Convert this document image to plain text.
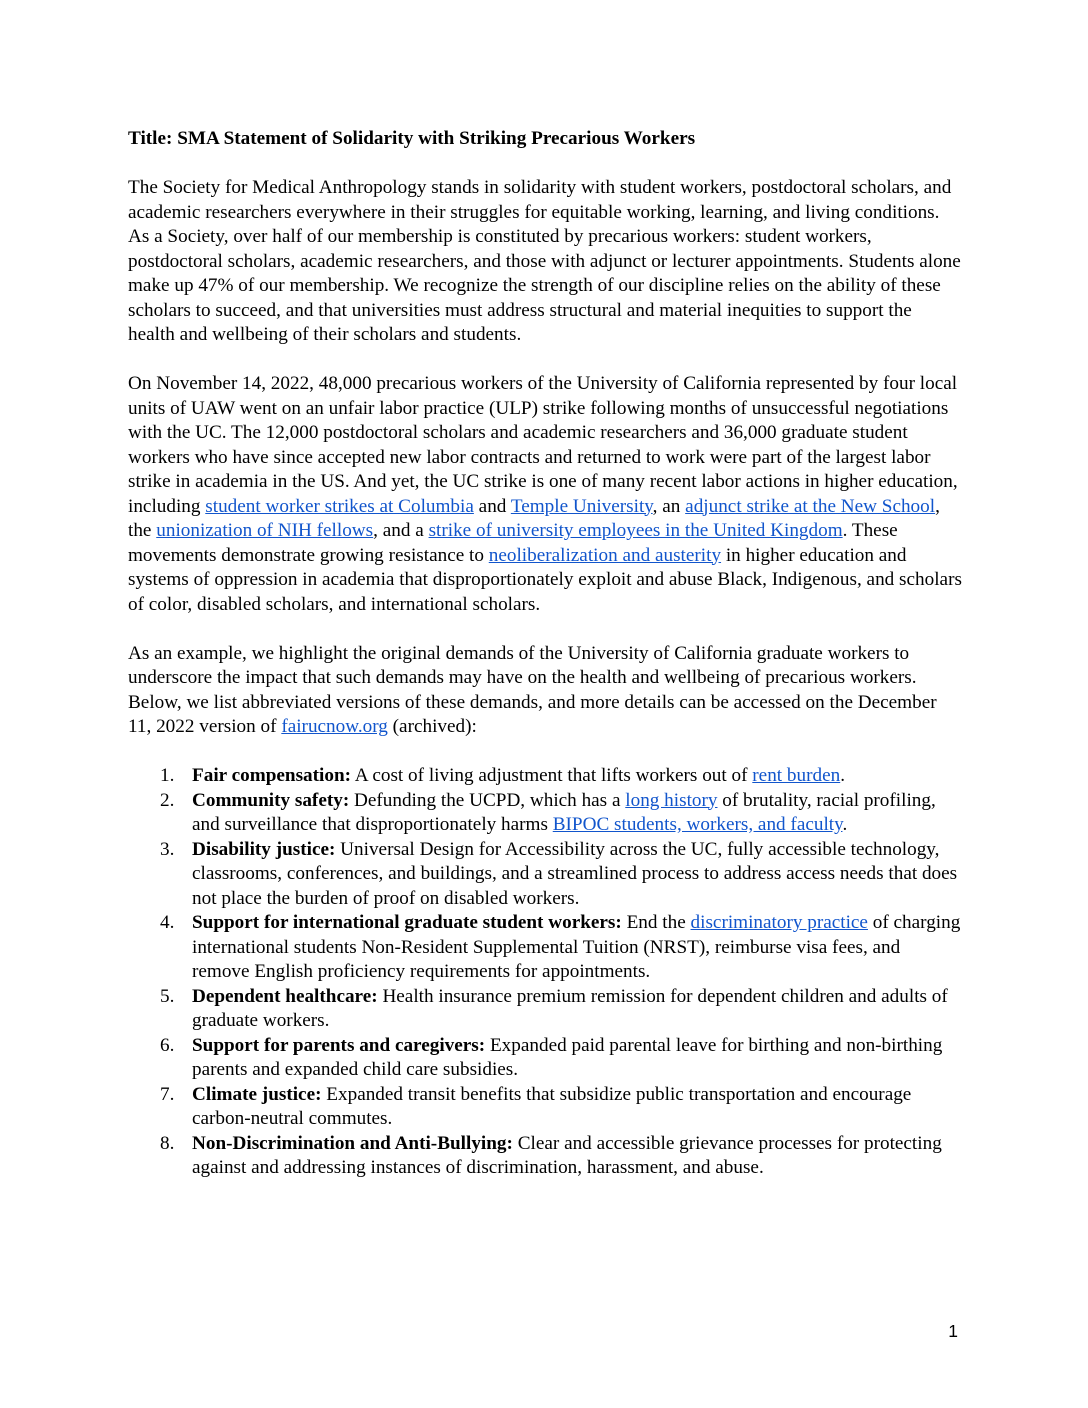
Title: SMA Statement of Solidarity with Striking Precarious Workers

The Society for Medical Anthropology stands in solidarity with student workers, postdoctoral scholars, and academic researchers everywhere in their struggles for equitable working, learning, and living conditions. As a Society, over half of our membership is constituted by precarious workers: student workers, postdoctoral scholars, academic researchers, and those with adjunct or lecturer appointments. Students alone make up 47% of our membership. We recognize the strength of our discipline relies on the ability of these scholars to succeed, and that universities must address structural and material inequities to support the health and wellbeing of their scholars and students.

On November 14, 2022, 48,000 precarious workers of the University of California represented by four local units of UAW went on an unfair labor practice (ULP) strike following months of unsuccessful negotiations with the UC. The 12,000 postdoctoral scholars and academic researchers and 36,000 graduate student workers who have since accepted new labor contracts and returned to work were part of the largest labor strike in academia in the US. And yet, the UC strike is one of many recent labor actions in higher education, including student worker strikes at Columbia and Temple University, an adjunct strike at the New School, the unionization of NIH fellows, and a strike of university employees in the United Kingdom. These movements demonstrate growing resistance to neoliberalization and austerity in higher education and systems of oppression in academia that disproportionately exploit and abuse Black, Indigenous, and scholars of color, disabled scholars, and international scholars.

As an example, we highlight the original demands of the University of California graduate workers to underscore the impact that such demands may have on the health and wellbeing of precarious workers. Below, we list abbreviated versions of these demands, and more details can be accessed on the December 11, 2022 version of fairucnow.org (archived):

1. Fair compensation: A cost of living adjustment that lifts workers out of rent burden.
2. Community safety: Defunding the UCPD, which has a long history of brutality, racial profiling, and surveillance that disproportionately harms BIPOC students, workers, and faculty.
3. Disability justice: Universal Design for Accessibility across the UC, fully accessible technology, classrooms, conferences, and buildings, and a streamlined process to address access needs that does not place the burden of proof on disabled workers.
4. Support for international graduate student workers: End the discriminatory practice of charging international students Non-Resident Supplemental Tuition (NRST), reimburse visa fees, and remove English proficiency requirements for appointments.
5. Dependent healthcare: Health insurance premium remission for dependent children and adults of graduate workers.
6. Support for parents and caregivers: Expanded paid parental leave for birthing and non-birthing parents and expanded child care subsidies.
7. Climate justice: Expanded transit benefits that subsidize public transportation and encourage carbon-neutral commutes.
8. Non-Discrimination and Anti-Bullying: Clear and accessible grievance processes for protecting against and addressing instances of discrimination, harassment, and abuse.
1
